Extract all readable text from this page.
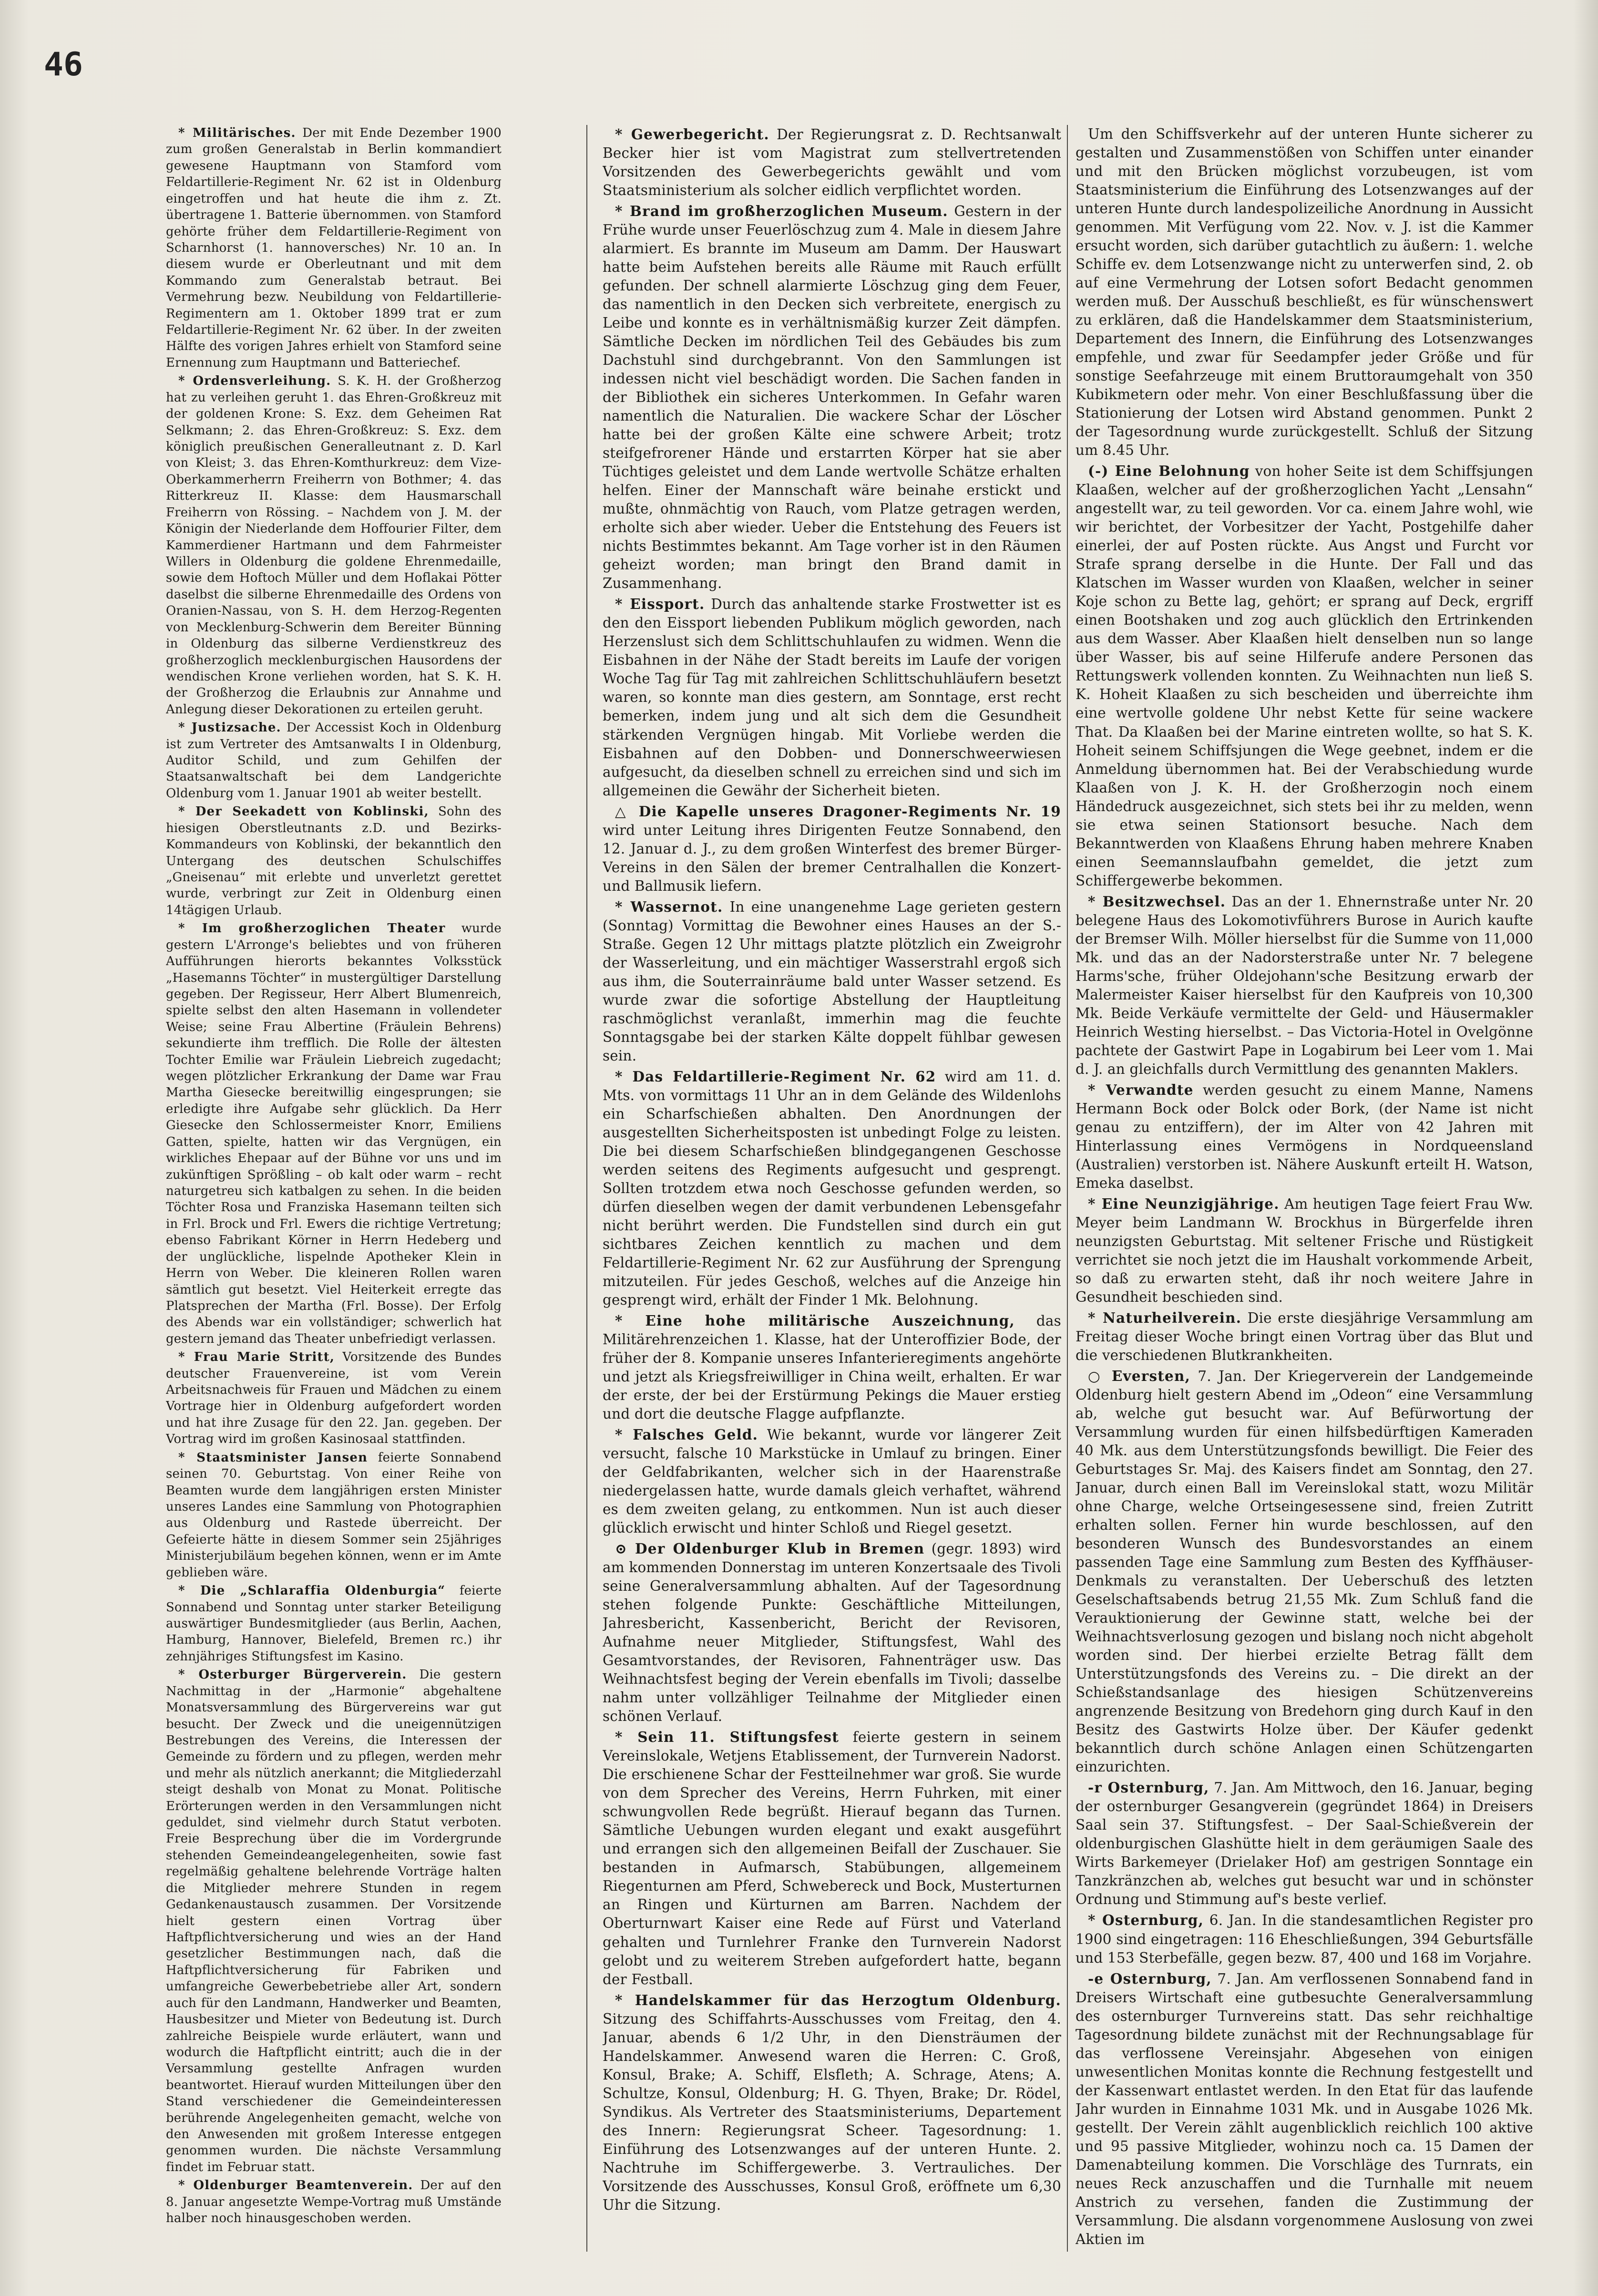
46

* Militärisches. Der mit Ende Dezember 1900 zum großen Generalstab in Berlin kommandiert gewesene Hauptmann von Stamford vom Feldartillerie-Regiment Nr. 62 ist in Oldenburg eingetroffen und hat heute die ihm z. Zt. übertragene 1. Batterie übernommen. von Stamford gehörte früher dem Feldartillerie-Regiment von Scharnhorst (1. hannoversches) Nr. 10 an. In diesem wurde er Oberleutnant und mit dem Kommando zum Generalstab betraut. Bei Vermehrung bezw. Neubildung von Feldartillerie-Regimentern am 1. Oktober 1899 trat er zum Feldartillerie-Regiment Nr. 62 über. In der zweiten Hälfte des vorigen Jahres erhielt von Stamford seine Ernennung zum Hauptmann und Batteriechef.

* Ordensverleihung. S. K. H. der Großherzog hat zu verleihen geruht 1. das Ehren-Großkreuz mit der goldenen Krone: S. Exz. dem Geheimen Rat Selkmann; 2. das Ehren-Großkreuz: S. Exz. dem königlich preußischen Generalleutnant z. D. Karl von Kleist; 3. das Ehren-Komthurkreuz: dem Vize-Oberkammerherrn Freiherrn von Bothmer; 4. das Ritterkreuz II. Klasse: dem Hausmarschall Freiherrn von Rössing. – Nachdem von J. M. der Königin der Niederlande dem Hoffourier Filter, dem Kammerdiener Hartmann und dem Fahrmeister Willers in Oldenburg die goldene Ehrenmedaille, sowie dem Hoftoch Müller und dem Hoflakai Pötter daselbst die silberne Ehrenmedaille des Ordens von Oranien-Nassau, von S. H. dem Herzog-Regenten von Mecklenburg-Schwerin dem Bereiter Bünning in Oldenburg das silberne Verdienstkreuz des großherzoglich mecklenburgischen Hausordens der wendischen Krone verliehen worden, hat S. K. H. der Großherzog die Erlaubnis zur Annahme und Anlegung dieser Dekorationen zu erteilen geruht.

* Justizsache. Der Accessist Koch in Oldenburg ist zum Vertreter des Amtsanwalts I in Oldenburg, Auditor Schild, und zum Gehilfen der Staatsanwaltschaft bei dem Landgerichte Oldenburg vom 1. Januar 1901 ab weiter bestellt.

* Der Seekadett von Koblinski, Sohn des hiesigen Oberstleutnants z.D. und Bezirks-Kommandeurs von Koblinski, der bekanntlich den Untergang des deutschen Schulschiffes „Gneisenau“ mit erlebte und unverletzt gerettet wurde, verbringt zur Zeit in Oldenburg einen 14tägigen Urlaub.

* Im großherzoglichen Theater wurde gestern L'Arronge's beliebtes und von früheren Aufführungen hierorts bekanntes Volksstück „Hasemanns Töchter“ in mustergültiger Darstellung gegeben. Der Regisseur, Herr Albert Blumenreich, spielte selbst den alten Hasemann in vollendeter Weise; seine Frau Albertine (Fräulein Behrens) sekundierte ihm trefflich. Die Rolle der ältesten Tochter Emilie war Fräulein Liebreich zugedacht; wegen plötzlicher Erkrankung der Dame war Frau Martha Giesecke bereitwillig eingesprungen; sie erledigte ihre Aufgabe sehr glücklich. Da Herr Giesecke den Schlossermeister Knorr, Emiliens Gatten, spielte, hatten wir das Vergnügen, ein wirkliches Ehepaar auf der Bühne vor uns und im zukünftigen Sprößling – ob kalt oder warm – recht naturgetreu sich katbalgen zu sehen. In die beiden Töchter Rosa und Franziska Hasemann teilten sich in Frl. Brock und Frl. Ewers die richtige Vertretung; ebenso Fabrikant Körner in Herrn Hedeberg und der unglückliche, lispelnde Apotheker Klein in Herrn von Weber. Die kleineren Rollen waren sämtlich gut besetzt. Viel Heiterkeit erregte das Platsprechen der Martha (Frl. Bosse). Der Erfolg des Abends war ein vollständiger; schwerlich hat gestern jemand das Theater unbefriedigt verlassen.

* Frau Marie Stritt, Vorsitzende des Bundes deutscher Frauenvereine, ist vom Verein Arbeitsnachweis für Frauen und Mädchen zu einem Vortrage hier in Oldenburg aufgefordert worden und hat ihre Zusage für den 22. Jan. gegeben. Der Vortrag wird im großen Kasinosaal stattfinden.

* Staatsminister Jansen feierte Sonnabend seinen 70. Geburtstag. Von einer Reihe von Beamten wurde dem langjährigen ersten Minister unseres Landes eine Sammlung von Photographien aus Oldenburg und Rastede überreicht. Der Gefeierte hätte in diesem Sommer sein 25jähriges Ministerjubiläum begehen können, wenn er im Amte geblieben wäre.

* Die „Schlaraffia Oldenburgia“ feierte Sonnabend und Sonntag unter starker Beteiligung auswärtiger Bundesmitglieder (aus Berlin, Aachen, Hamburg, Hannover, Bielefeld, Bremen rc.) ihr zehnjähriges Stiftungsfest im Kasino.

* Osterburger Bürgerverein. Die gestern Nachmittag in der „Harmonie“ abgehaltene Monatsversammlung des Bürgervereins war gut besucht. Der Zweck und die uneigennützigen Bestrebungen des Vereins, die Interessen der Gemeinde zu fördern und zu pflegen, werden mehr und mehr als nützlich anerkannt; die Mitgliederzahl steigt deshalb von Monat zu Monat. Politische Erörterungen werden in den Versammlungen nicht geduldet, sind vielmehr durch Statut verboten. Freie Besprechung über die im Vordergrunde stehenden Gemeindeangelegenheiten, sowie fast regelmäßig gehaltene belehrende Vorträge halten die Mitglieder mehrere Stunden in regem Gedankenaustausch zusammen. Der Vorsitzende hielt gestern einen Vortrag über Haftpflichtversicherung und wies an der Hand gesetzlicher Bestimmungen nach, daß die Haftpflichtversicherung für Fabriken und umfangreiche Gewerbebetriebe aller Art, sondern auch für den Landmann, Handwerker und Beamten, Hausbesitzer und Mieter von Bedeutung ist. Durch zahlreiche Beispiele wurde erläutert, wann und wodurch die Haftpflicht eintritt; auch die in der Versammlung gestellte Anfragen wurden beantwortet. Hierauf wurden Mitteilungen über den Stand verschiedener die Gemeindeinteressen berührende Angelegenheiten gemacht, welche von den Anwesenden mit großem Interesse entgegen genommen wurden. Die nächste Versammlung findet im Februar statt.

* Oldenburger Beamtenverein. Der auf den 8. Januar angesetzte Wempe-Vortrag muß Umstände halber noch hinausgeschoben werden.

* Gewerbegericht. Der Regierungsrat z. D. Rechtsanwalt Becker hier ist vom Magistrat zum stellvertretenden Vorsitzenden des Gewerbegerichts gewählt und vom Staatsministerium als solcher eidlich verpflichtet worden.

* Brand im großherzoglichen Museum. Gestern in der Frühe wurde unser Feuerlöschzug zum 4. Male in diesem Jahre alarmiert. Es brannte im Museum am Damm. Der Hauswart hatte beim Aufstehen bereits alle Räume mit Rauch erfüllt gefunden. Der schnell alarmierte Löschzug ging dem Feuer, das namentlich in den Decken sich verbreitete, energisch zu Leibe und konnte es in verhältnismäßig kurzer Zeit dämpfen. Sämtliche Decken im nördlichen Teil des Gebäudes bis zum Dachstuhl sind durchgebrannt. Von den Sammlungen ist indessen nicht viel beschädigt worden. Die Sachen fanden in der Bibliothek ein sicheres Unterkommen. In Gefahr waren namentlich die Naturalien. Die wackere Schar der Löscher hatte bei der großen Kälte eine schwere Arbeit; trotz steifgefrorener Hände und erstarrten Körper hat sie aber Tüchtiges geleistet und dem Lande wertvolle Schätze erhalten helfen. Einer der Mannschaft wäre beinahe erstickt und mußte, ohnmächtig von Rauch, vom Platze getragen werden, erholte sich aber wieder. Ueber die Entstehung des Feuers ist nichts Bestimmtes bekannt. Am Tage vorher ist in den Räumen geheizt worden; man bringt den Brand damit in Zusammenhang.

* Eissport. Durch das anhaltende starke Frostwetter ist es den den Eissport liebenden Publikum möglich geworden, nach Herzenslust sich dem Schlittschuhlaufen zu widmen. Wenn die Eisbahnen in der Nähe der Stadt bereits im Laufe der vorigen Woche Tag für Tag mit zahlreichen Schlittschuhläufern besetzt waren, so konnte man dies gestern, am Sonntage, erst recht bemerken, indem jung und alt sich dem die Gesundheit stärkenden Vergnügen hingab. Mit Vorliebe werden die Eisbahnen auf den Dobben- und Donnerschweerwiesen aufgesucht, da dieselben schnell zu erreichen sind und sich im allgemeinen die Gewähr der Sicherheit bieten.

△ Die Kapelle unseres Dragoner-Regiments Nr. 19 wird unter Leitung ihres Dirigenten Feutze Sonnabend, den 12. Januar d. J., zu dem großen Winterfest des bremer Bürger-Vereins in den Sälen der bremer Centralhallen die Konzert- und Ballmusik liefern.

* Wassernot. In eine unangenehme Lage gerieten gestern (Sonntag) Vormittag die Bewohner eines Hauses an der S.-Straße. Gegen 12 Uhr mittags platzte plötzlich ein Zweigrohr der Wasserleitung, und ein mächtiger Wasserstrahl ergoß sich aus ihm, die Souterrainräume bald unter Wasser setzend. Es wurde zwar die sofortige Abstellung der Hauptleitung raschmöglichst veranlaßt, immerhin mag die feuchte Sonntagsgabe bei der starken Kälte doppelt fühlbar gewesen sein.

* Das Feldartillerie-Regiment Nr. 62 wird am 11. d. Mts. von vormittags 11 Uhr an in dem Gelände des Wildenlohs ein Scharfschießen abhalten. Den Anordnungen der ausgestellten Sicherheitsposten ist unbedingt Folge zu leisten. Die bei diesem Scharfschießen blindgegangenen Geschosse werden seitens des Regiments aufgesucht und gesprengt. Sollten trotzdem etwa noch Geschosse gefunden werden, so dürfen dieselben wegen der damit verbundenen Lebensgefahr nicht berührt werden. Die Fundstellen sind durch ein gut sichtbares Zeichen kenntlich zu machen und dem Feldartillerie-Regiment Nr. 62 zur Ausführung der Sprengung mitzuteilen. Für jedes Geschoß, welches auf die Anzeige hin gesprengt wird, erhält der Finder 1 Mk. Belohnung.

* Eine hohe militärische Auszeichnung, das Militärehrenzeichen 1. Klasse, hat der Unteroffizier Bode, der früher der 8. Kompanie unseres Infanterieregiments angehörte und jetzt als Kriegsfreiwilliger in China weilt, erhalten. Er war der erste, der bei der Erstürmung Pekings die Mauer erstieg und dort die deutsche Flagge aufpflanzte.

* Falsches Geld. Wie bekannt, wurde vor längerer Zeit versucht, falsche 10 Markstücke in Umlauf zu bringen. Einer der Geldfabrikanten, welcher sich in der Haarenstraße niedergelassen hatte, wurde damals gleich verhaftet, während es dem zweiten gelang, zu entkommen. Nun ist auch dieser glücklich erwischt und hinter Schloß und Riegel gesetzt.

⊙ Der Oldenburger Klub in Bremen (gegr. 1893) wird am kommenden Donnerstag im unteren Konzertsaale des Tivoli seine Generalversammlung abhalten. Auf der Tagesordnung stehen folgende Punkte: Geschäftliche Mitteilungen, Jahresbericht, Kassenbericht, Bericht der Revisoren, Aufnahme neuer Mitglieder, Stiftungsfest, Wahl des Gesamtvorstandes, der Revisoren, Fahnenträger usw. Das Weihnachtsfest beging der Verein ebenfalls im Tivoli; dasselbe nahm unter vollzähliger Teilnahme der Mitglieder einen schönen Verlauf.

* Sein 11. Stiftungsfest feierte gestern in seinem Vereinslokale, Wetjens Etablissement, der Turnverein Nadorst. Die erschienene Schar der Festteilnehmer war groß. Sie wurde von dem Sprecher des Vereins, Herrn Fuhrken, mit einer schwungvollen Rede begrüßt. Hierauf begann das Turnen. Sämtliche Uebungen wurden elegant und exakt ausgeführt und errangen sich den allgemeinen Beifall der Zuschauer. Sie bestanden in Aufmarsch, Stabübungen, allgemeinem Riegenturnen am Pferd, Schwebereck und Bock, Musterturnen an Ringen und Kürturnen am Barren. Nachdem der Oberturnwart Kaiser eine Rede auf Fürst und Vaterland gehalten und Turnlehrer Franke den Turnverein Nadorst gelobt und zu weiterem Streben aufgefordert hatte, begann der Festball.

* Handelskammer für das Herzogtum Oldenburg. Sitzung des Schiffahrts-Ausschusses vom Freitag, den 4. Januar, abends 6 1/2 Uhr, in den Diensträumen der Handelskammer. Anwesend waren die Herren: C. Groß, Konsul, Brake; A. Schiff, Elsfleth; A. Schrage, Atens; A. Schultze, Konsul, Oldenburg; H. G. Thyen, Brake; Dr. Rödel, Syndikus. Als Vertreter des Staatsministeriums, Departement des Innern: Regierungsrat Scheer. Tagesordnung: 1. Einführung des Lotsenzwanges auf der unteren Hunte. 2. Nachtruhe im Schiffergewerbe. 3. Vertrauliches. Der Vorsitzende des Ausschusses, Konsul Groß, eröffnete um 6,30 Uhr die Sitzung.

Um den Schiffsverkehr auf der unteren Hunte sicherer zu gestalten und Zusammenstößen von Schiffen unter einander und mit den Brücken möglichst vorzubeugen, ist vom Staatsministerium die Einführung des Lotsenzwanges auf der unteren Hunte durch landespolizeiliche Anordnung in Aussicht genommen. Mit Verfügung vom 22. Nov. v. J. ist die Kammer ersucht worden, sich darüber gutachtlich zu äußern: 1. welche Schiffe ev. dem Lotsenzwange nicht zu unterwerfen sind, 2. ob auf eine Vermehrung der Lotsen sofort Bedacht genommen werden muß. Der Ausschuß beschließt, es für wünschenswert zu erklären, daß die Handelskammer dem Staatsministerium, Departement des Innern, die Einführung des Lotsenzwanges empfehle, und zwar für Seedampfer jeder Größe und für sonstige Seefahrzeuge mit einem Bruttoraumgehalt von 350 Kubikmetern oder mehr. Von einer Beschlußfassung über die Stationierung der Lotsen wird Abstand genommen. Punkt 2 der Tagesordnung wurde zurückgestellt. Schluß der Sitzung um 8.45 Uhr.

(-) Eine Belohnung von hoher Seite ist dem Schiffsjungen Klaaßen, welcher auf der großherzoglichen Yacht „Lensahn“ angestellt war, zu teil geworden. Vor ca. einem Jahre wohl, wie wir berichtet, der Vorbesitzer der Yacht, Postgehilfe daher einerlei, der auf Posten rückte. Aus Angst und Furcht vor Strafe sprang derselbe in die Hunte. Der Fall und das Klatschen im Wasser wurden von Klaaßen, welcher in seiner Koje schon zu Bette lag, gehört; er sprang auf Deck, ergriff einen Bootshaken und zog auch glücklich den Ertrinkenden aus dem Wasser. Aber Klaaßen hielt denselben nun so lange über Wasser, bis auf seine Hilferufe andere Personen das Rettungswerk vollenden konnten. Zu Weihnachten nun ließ S. K. Hoheit Klaaßen zu sich bescheiden und überreichte ihm eine wertvolle goldene Uhr nebst Kette für seine wackere That. Da Klaaßen bei der Marine eintreten wollte, so hat S. K. Hoheit seinem Schiffsjungen die Wege geebnet, indem er die Anmeldung übernommen hat. Bei der Verabschiedung wurde Klaaßen von J. K. H. der Großherzogin noch einem Händedruck ausgezeichnet, sich stets bei ihr zu melden, wenn sie etwa seinen Stationsort besuche. Nach dem Bekanntwerden von Klaaßens Ehrung haben mehrere Knaben einen Seemannslaufbahn gemeldet, die jetzt zum Schiffergewerbe bekommen.

* Besitzwechsel. Das an der 1. Ehnernstraße unter Nr. 20 belegene Haus des Lokomotivführers Burose in Aurich kaufte der Bremser Wilh. Möller hierselbst für die Summe von 11,000 Mk. und das an der Nadorsterstraße unter Nr. 7 belegene Harms'sche, früher Oldejohann'sche Besitzung erwarb der Malermeister Kaiser hierselbst für den Kaufpreis von 10,300 Mk. Beide Verkäufe vermittelte der Geld- und Häusermakler Heinrich Westing hierselbst. – Das Victoria-Hotel in Ovelgönne pachtete der Gastwirt Pape in Logabirum bei Leer vom 1. Mai d. J. an gleichfalls durch Vermittlung des genannten Maklers.

* Verwandte werden gesucht zu einem Manne, Namens Hermann Bock oder Bolck oder Bork, (der Name ist nicht genau zu entziffern), der im Alter von 42 Jahren mit Hinterlassung eines Vermögens in Nordqueensland (Australien) verstorben ist. Nähere Auskunft erteilt H. Watson, Emeka daselbst.

* Eine Neunzigjährige. Am heutigen Tage feiert Frau Ww. Meyer beim Landmann W. Brockhus in Bürgerfelde ihren neunzigsten Geburtstag. Mit seltener Frische und Rüstigkeit verrichtet sie noch jetzt die im Haushalt vorkommende Arbeit, so daß zu erwarten steht, daß ihr noch weitere Jahre in Gesundheit beschieden sind.

* Naturheilverein. Die erste diesjährige Versammlung am Freitag dieser Woche bringt einen Vortrag über das Blut und die verschiedenen Blutkrankheiten.

○ Eversten, 7. Jan. Der Kriegerverein der Landgemeinde Oldenburg hielt gestern Abend im „Odeon“ eine Versammlung ab, welche gut besucht war. Auf Befürwortung der Versammlung wurden für einen hilfsbedürftigen Kameraden 40 Mk. aus dem Unterstützungsfonds bewilligt. Die Feier des Geburtstages Sr. Maj. des Kaisers findet am Sonntag, den 27. Januar, durch einen Ball im Vereinslokal statt, wozu Militär ohne Charge, welche Ortseingesessene sind, freien Zutritt erhalten sollen. Ferner hin wurde beschlossen, auf den besonderen Wunsch des Bundesvorstandes an einem passenden Tage eine Sammlung zum Besten des Kyffhäuser-Denkmals zu veranstalten. Der Ueberschuß des letzten Geselschaftsabends betrug 21,55 Mk. Zum Schluß fand die Verauktionierung der Gewinne statt, welche bei der Weihnachtsverlosung gezogen und bislang noch nicht abgeholt worden sind. Der hierbei erzielte Betrag fällt dem Unterstützungsfonds des Vereins zu. – Die direkt an der Schießstandsanlage des hiesigen Schützenvereins angrenzende Besitzung von Bredehorn ging durch Kauf in den Besitz des Gastwirts Holze über. Der Käufer gedenkt bekanntlich durch schöne Anlagen einen Schützengarten einzurichten.

-r Osternburg, 7. Jan. Am Mittwoch, den 16. Januar, beging der osternburger Gesangverein (gegründet 1864) in Dreisers Saal sein 37. Stiftungsfest. – Der Saal-Schießverein der oldenburgischen Glashütte hielt in dem geräumigen Saale des Wirts Barkemeyer (Drielaker Hof) am gestrigen Sonntage ein Tanzkränzchen ab, welches gut besucht war und in schönster Ordnung und Stimmung auf's beste verlief.

* Osternburg, 6. Jan. In die standesamtlichen Register pro 1900 sind eingetragen: 116 Eheschließungen, 394 Geburtsfälle und 153 Sterbefälle, gegen bezw. 87, 400 und 168 im Vorjahre.

-e Osternburg, 7. Jan. Am verflossenen Sonnabend fand in Dreisers Wirtschaft eine gutbesuchte Generalversammlung des osternburger Turnvereins statt. Das sehr reichhaltige Tagesordnung bildete zunächst mit der Rechnungsablage für das verflossene Vereinsjahr. Abgesehen von einigen unwesentlichen Monitas konnte die Rechnung festgestellt und der Kassenwart entlastet werden. In den Etat für das laufende Jahr wurden in Einnahme 1031 Mk. und in Ausgabe 1026 Mk. gestellt. Der Verein zählt augenblicklich reichlich 100 aktive und 95 passive Mitglieder, wohinzu noch ca. 15 Damen der Damenabteilung kommen. Die Vorschläge des Turnrats, ein neues Reck anzuschaffen und die Turnhalle mit neuem Anstrich zu versehen, fanden die Zustimmung der Versammlung. Die alsdann vorgenommene Auslosung von zwei Aktien im
